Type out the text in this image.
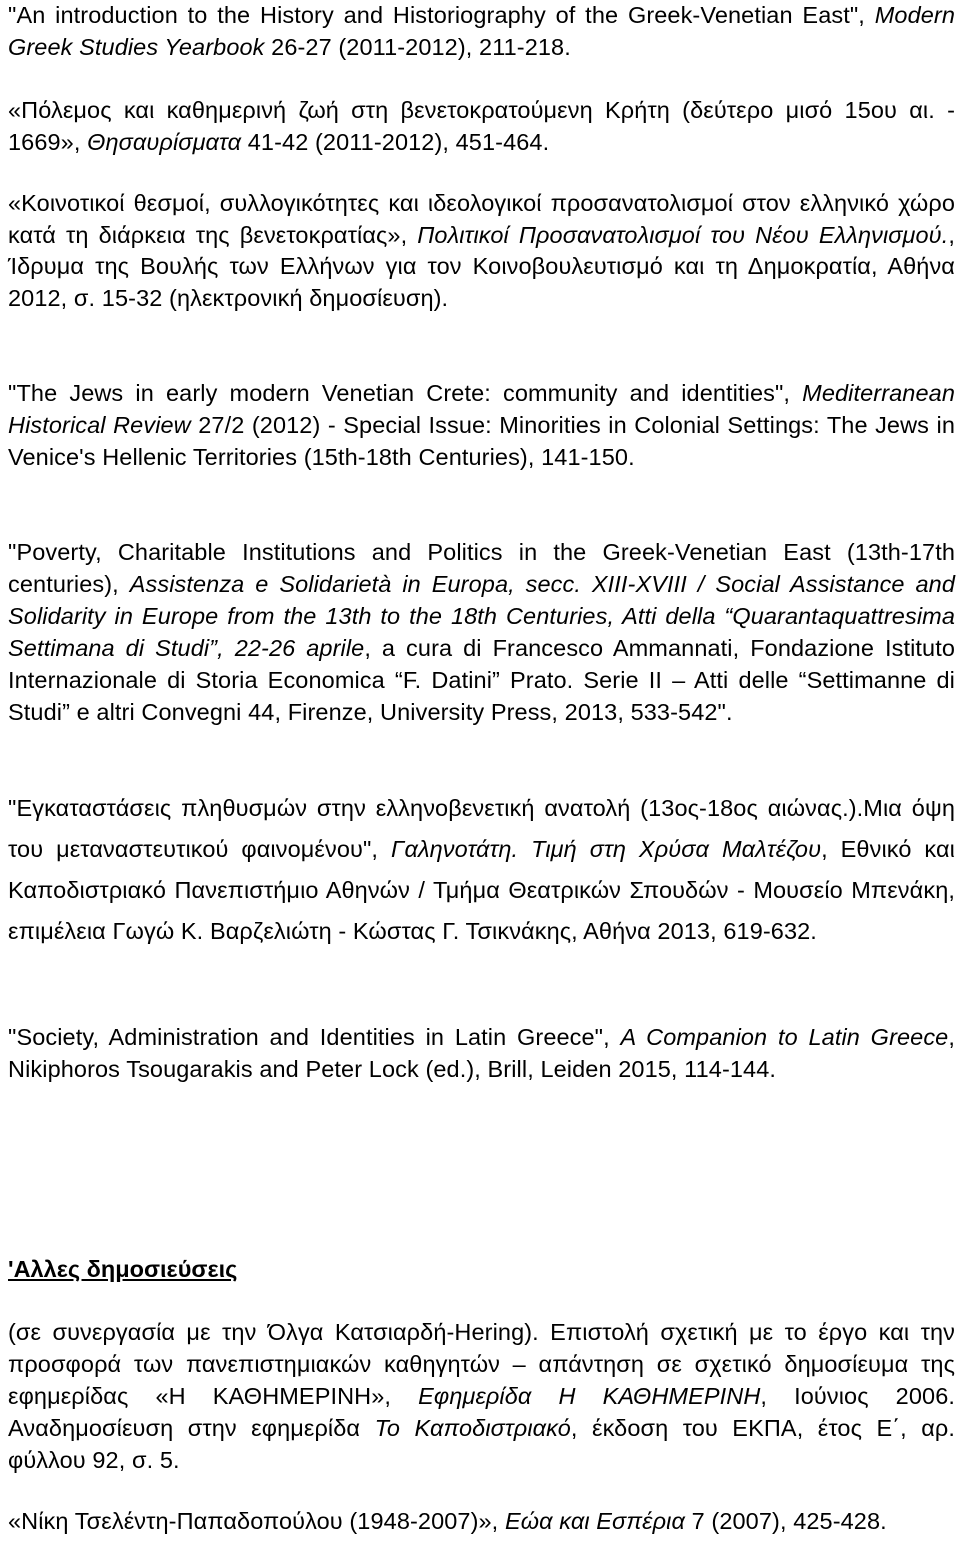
"An introduction to the History and Historiography of the Greek-Venetian East", Modern Greek Studies Yearbook 26-27 (2011-2012), 211-218.

«Πόλεμος και καθημερινή ζωή στη βενετοκρατούμενη Κρήτη (δεύτερο μισό 15ου αι. - 1669», Θησαυρίσματα 41-42 (2011-2012), 451-464.

«Κοινοτικοί θεσμοί, συλλογικότητες και ιδεολογικοί προσανατολισμοί στον ελληνικό χώρο κατά τη διάρκεια της βενετοκρατίας», Πολιτικοί Προσανατολισμοί του Νέου Ελληνισμού., Ίδρυμα της Βουλής των Ελλήνων για τον Κοινοβουλευτισμό και τη Δημοκρατία, Αθήνα 2012, σ. 15-32 (ηλεκτρονική δημοσίευση).

"The Jews in early modern Venetian Crete: community and identities", Mediterranean Historical Review 27/2 (2012) - Special Issue: Minorities in Colonial Settings: The Jews in Venice's Hellenic Territories (15th-18th Centuries), 141-150.

"Poverty, Charitable Institutions and Politics in the Greek-Venetian East (13th-17th centuries), Assistenza e Solidarietà in Europa, secc. XIII-XVIII / Social Assistance and Solidarity in Europe from the 13th to the 18th Centuries, Atti della “Quarantaquattresima Settimana di Studi”, 22-26 aprile, a cura di Francesco Ammannati, Fondazione Istituto Internazionale di Storia Economica “F. Datini” Prato. Serie II – Atti delle “Settimanne di Studi” e altri Convegni 44, Firenze, University Press, 2013, 533-542".

"Εγκαταστάσεις πληθυσμών στην ελληνοβενετική ανατολή (13ος-18ος αιώνας.).Μια όψη του μεταναστευτικού φαινομένου", Γαληνοτάτη. Τιμή στη Χρύσα Μαλτέζου, Εθνικό και Καποδιστριακό Πανεπιστήμιο Αθηνών / Τμήμα Θεατρικών Σπουδών - Μουσείο Μπενάκη, επιμέλεια Γωγώ Κ. Βαρζελιώτη - Κώστας Γ. Τσικνάκης, Αθήνα 2013, 619-632.

"Society, Administration and Identities in Latin Greece", A Companion to Latin Greece, Nikiphoros Tsougarakis and Peter Lock (ed.), Brill, Leiden 2015, 114-144.

'Αλλες δημοσιεύσεις

(σε συνεργασία με την Όλγα Κατσιαρδή-Hering). Επιστολή σχετική με το έργο και την προσφορά των πανεπιστημιακών καθηγητών – απάντηση σε σχετικό δημοσίευμα της εφημερίδας «Η ΚΑΘΗΜΕΡΙΝΗ», Εφημερίδα Η ΚΑΘΗΜΕΡΙΝΗ, Ιούνιος 2006. Αναδημοσίευση στην εφημερίδα Το Καποδιστριακό, έκδοση του ΕΚΠΑ, έτος Ε΄, αρ. φύλλου 92, σ. 5.

«Νίκη Τσελέντη-Παπαδοπούλου (1948-2007)», Εώα και Εσπέρια 7 (2007), 425-428.
